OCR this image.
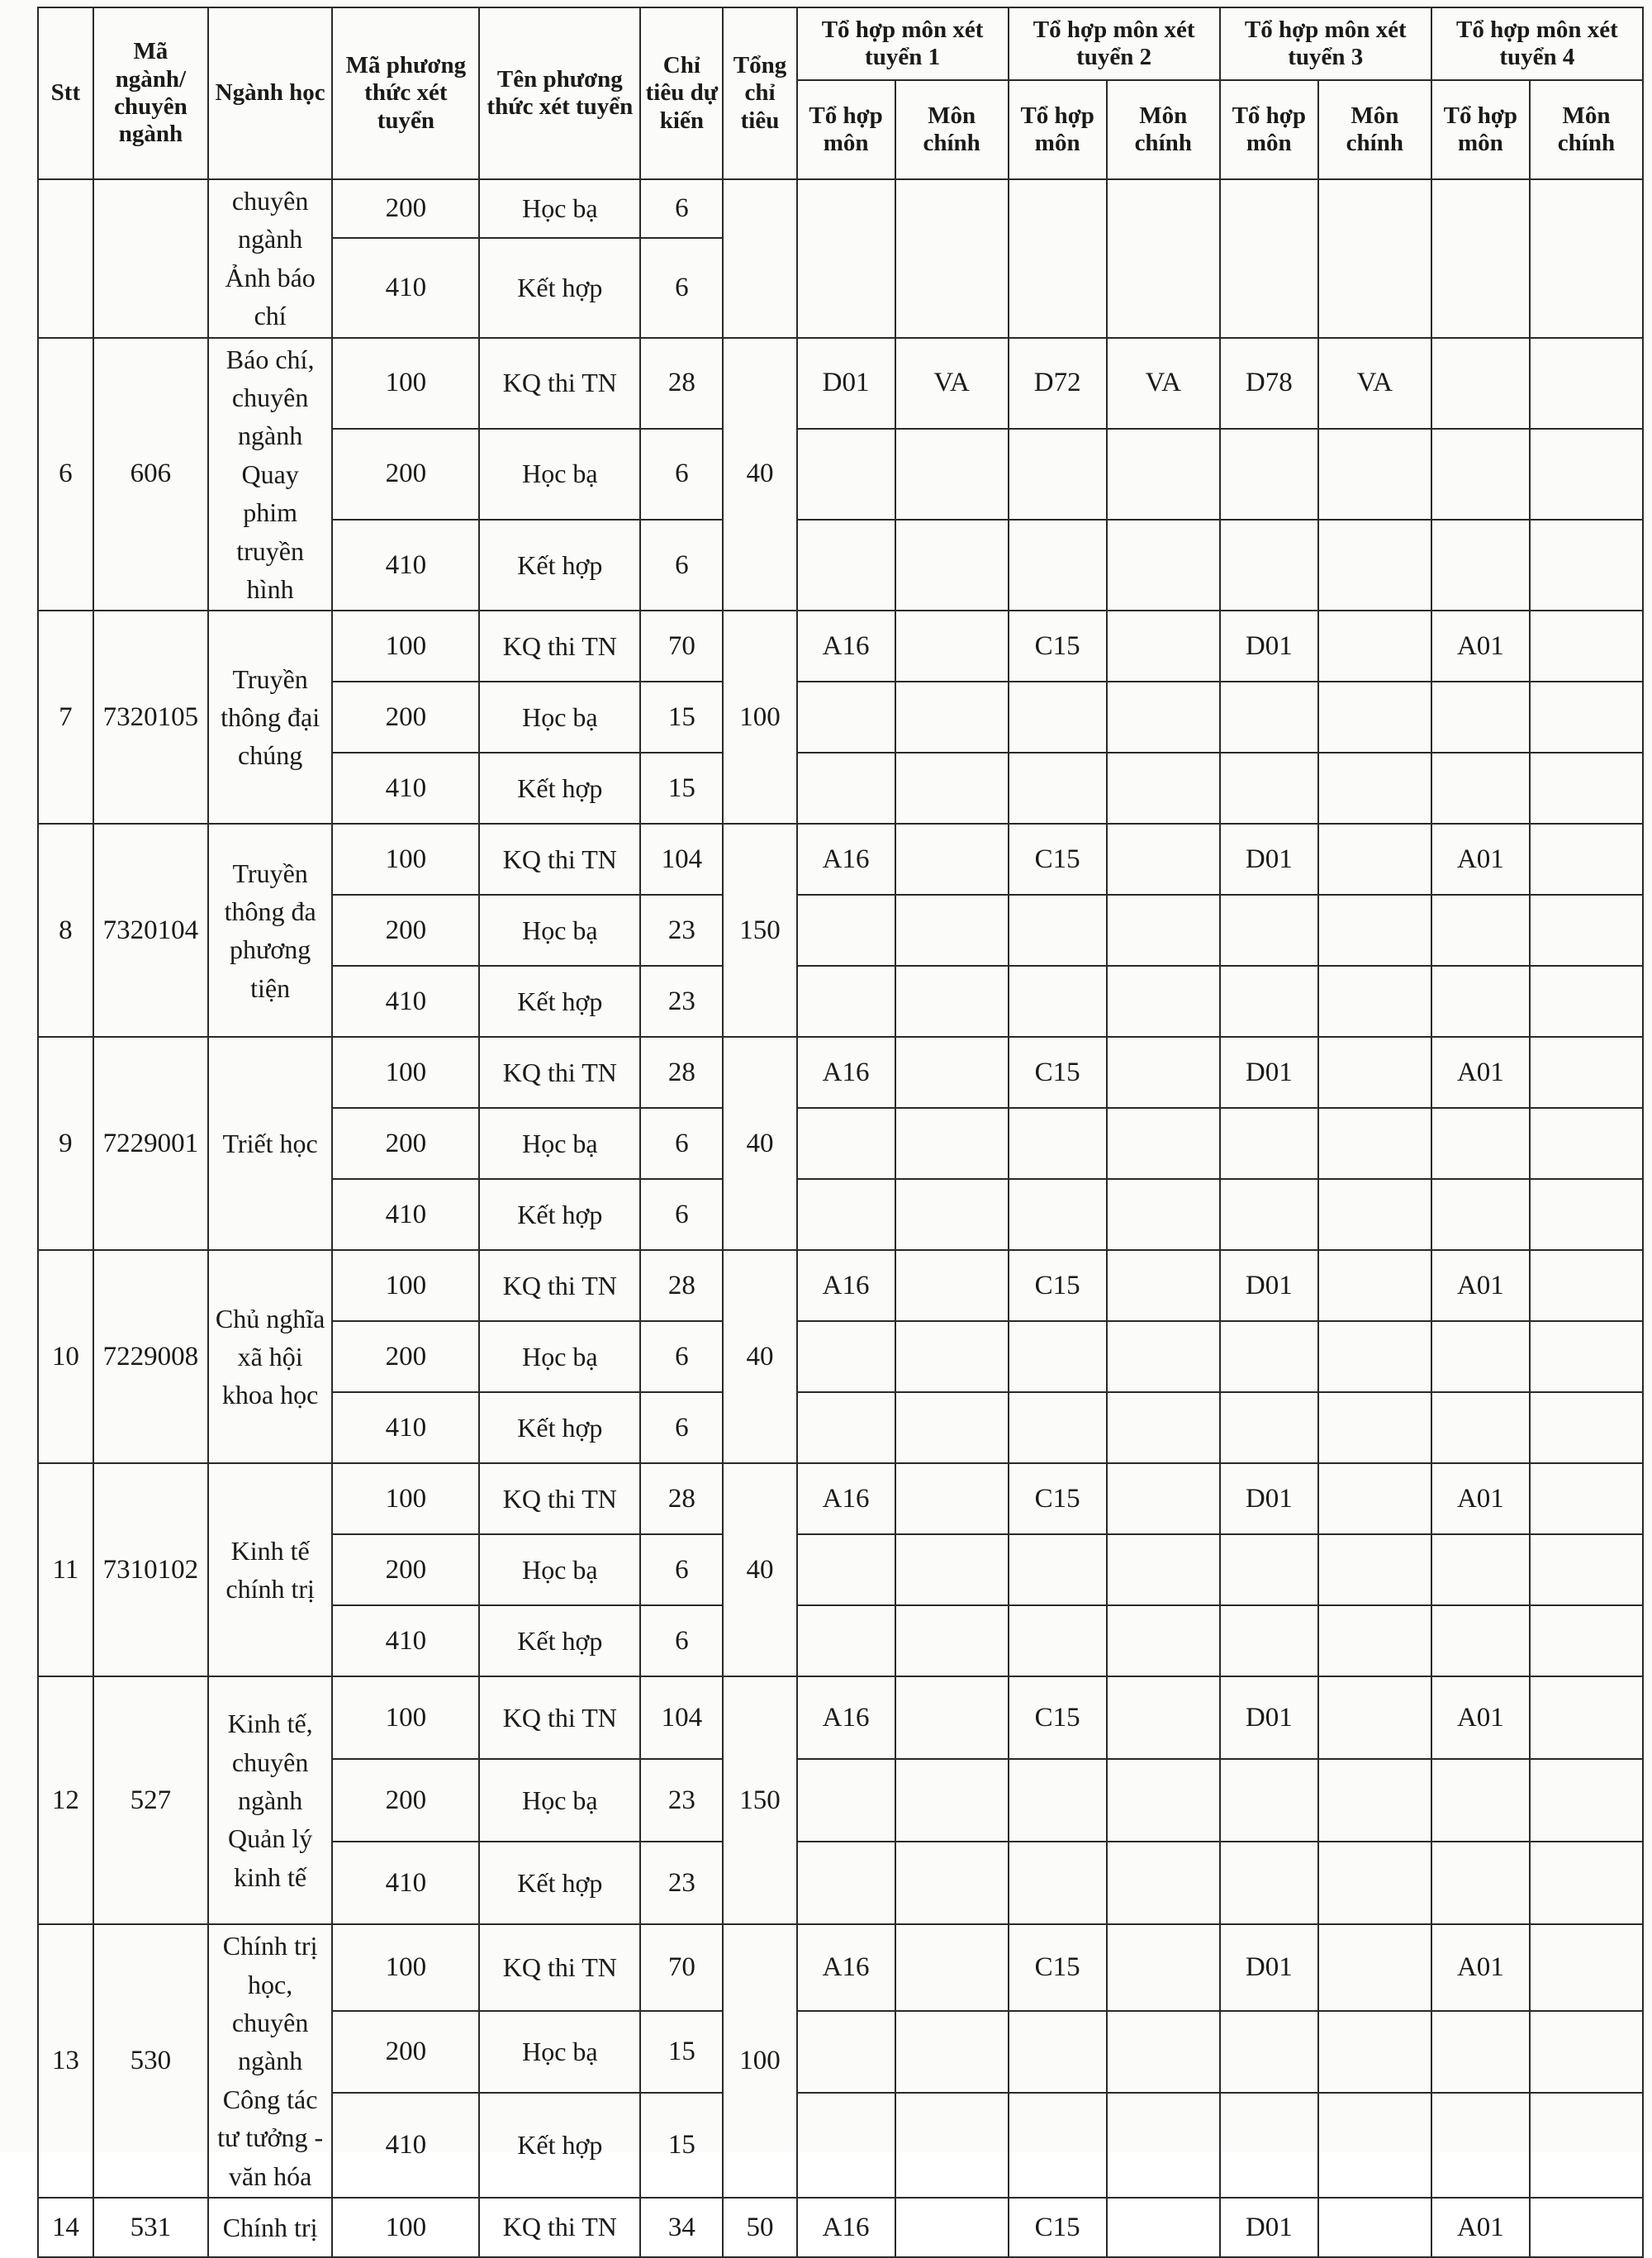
Stt	Mã ngành/ chuyên ngành	Ngành học	Mã phương thức xét tuyển	Tên phương thức xét tuyển	Chỉ tiêu dự kiến	Tổng chỉ tiêu	Tổ hợp môn xét tuyển 1		Tổ hợp môn xét tuyển 2		Tổ hợp môn xét tuyển 3		Tổ hợp môn xét tuyển 4	
							Tổ hợp môn	Môn chính	Tổ hợp môn	Môn chính	Tổ hợp môn	Môn chính	Tổ hợp môn	Môn chính
		chuyên ngành Ảnh báo chí	200	Học bạ	6									
			410	Kết hợp	6									
6	606	Báo chí, chuyên ngành Quay phim truyền hình	100	KQ thi TN	28	40	D01	VA	D72	VA	D78	VA		
			200	Học bạ	6									
			410	Kết hợp	6									
7	7320105	Truyền thông đại chúng	100	KQ thi TN	70	100	A16		C15		D01		A01	
			200	Học bạ	15									
			410	Kết hợp	15									
8	7320104	Truyền thông đa phương tiện	100	KQ thi TN	104	150	A16		C15		D01		A01	
			200	Học bạ	23									
			410	Kết hợp	23									
9	7229001	Triết học	100	KQ thi TN	28	40	A16		C15		D01		A01	
			200	Học bạ	6									
			410	Kết hợp	6									
10	7229008	Chủ nghĩa xã hội khoa học	100	KQ thi TN	28	40	A16		C15		D01		A01	
			200	Học bạ	6									
			410	Kết hợp	6									
11	7310102	Kinh tế chính trị	100	KQ thi TN	28	40	A16		C15		D01		A01	
			200	Học bạ	6									
			410	Kết hợp	6									
12	527	Kinh tế, chuyên ngành Quản lý kinh tế	100	KQ thi TN	104	150	A16		C15		D01		A01	
			200	Học bạ	23									
			410	Kết hợp	23									
13	530	Chính trị học, chuyên ngành Công tác tư tưởng - văn hóa	100	KQ thi TN	70	100	A16		C15		D01		A01	
			200	Học bạ	15									
			410	Kết hợp	15									
14	531	Chính trị	100	KQ thi TN	34	50	A16		C15		D01		A01	
